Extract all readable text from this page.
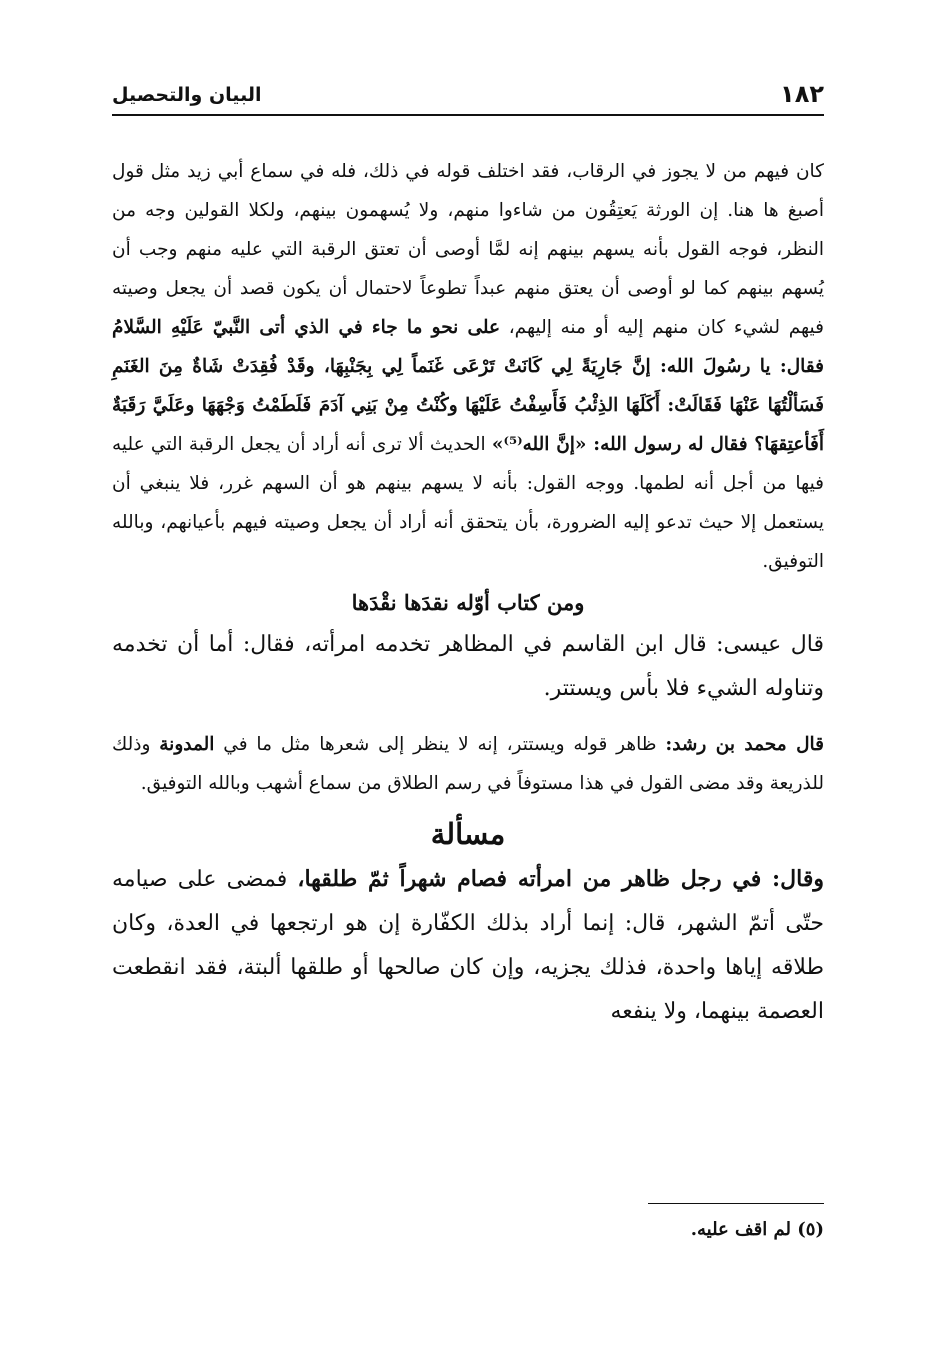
١٨٢
البيان والتحصيل

كان فيهم من لا يجوز في الرقاب، فقد اختلف قوله في ذلك، فله في سماع أبي زيد مثل قول أصبغ ها هنا. إن الورثة يَعتِقُون من شاءوا منهم، ولا يُسهمون بينهم، ولكلا القولين وجه من النظر، فوجه القول بأنه يسهم بينهم إنه لمَّا أوصى أن تعتق الرقبة التي عليه منهم وجب أن يُسهم بينهم كما لو أوصى أن يعتق منهم عبداً تطوعاً لاحتمال أن يكون قصد أن يجعل وصيته فيهم لشيء كان منهم إليه أو منه إليهم، على نحو ما جاء في الذي أتى النَّبيّ عَلَيْهِ السَّلامُ فقال: يا رسُولَ الله: إنَّ جَارِيَةً لِي كَانَتْ تَرْعَى غَنَماً لِي بِجَنْبِهَا، وقَدْ فُقِدَتْ شَاةٌ مِنَ الغَنَمِ فَسَألْتُهَا عَنْهَا فَقَالَتْ: أَكَلَهَا الذِئْبُ فَأَسِفْتُ عَلَيْهَا وكُنْتُ مِنْ بَنِي آدَمَ فَلَطَمْتُ وَجْهَهَا وعَلَيَّ رَقَبَةٌ أَفَأعتِقهَا؟ فقال له رسول الله: «إنَّ الله⁽⁵⁾» الحديث ألا ترى أنه أراد أن يجعل الرقبة التي عليه فيها من أجل أنه لطمها. ووجه القول: بأنه لا يسهم بينهم هو أن السهم غرر، فلا ينبغي أن يستعمل إلا حيث تدعو إليه الضرورة، بأن يتحقق أنه أراد أن يجعل وصيته فيهم بأعيانهم، وبالله التوفيق.

ومن كتاب أوّله نقدَها نقْدَها

قال عيسى: قال ابن القاسم في المظاهر تخدمه امرأته، فقال: أما أن تخدمه وتناوله الشيء فلا بأس ويستتر.

قال محمد بن رشد: ظاهر قوله ويستتر، إنه لا ينظر إلى شعرها مثل ما في المدونة وذلك للذريعة وقد مضى القول في هذا مستوفاً في رسم الطلاق من سماع أشهب وبالله التوفيق.

مسألة

وقال: في رجل ظاهر من امرأته فصام شهراً ثمّ طلقها، فمضى على صيامه حتّى أتمّ الشهر، قال: إنما أراد بذلك الكفّارة إن هو ارتجعها في العدة، وكان طلاقه إياها واحدة، فذلك يجزيه، وإن كان صالحها أو طلقها ألبتة، فقد انقطعت العصمة بينهما، ولا ينفعه

(٥) لم اقف عليه.
